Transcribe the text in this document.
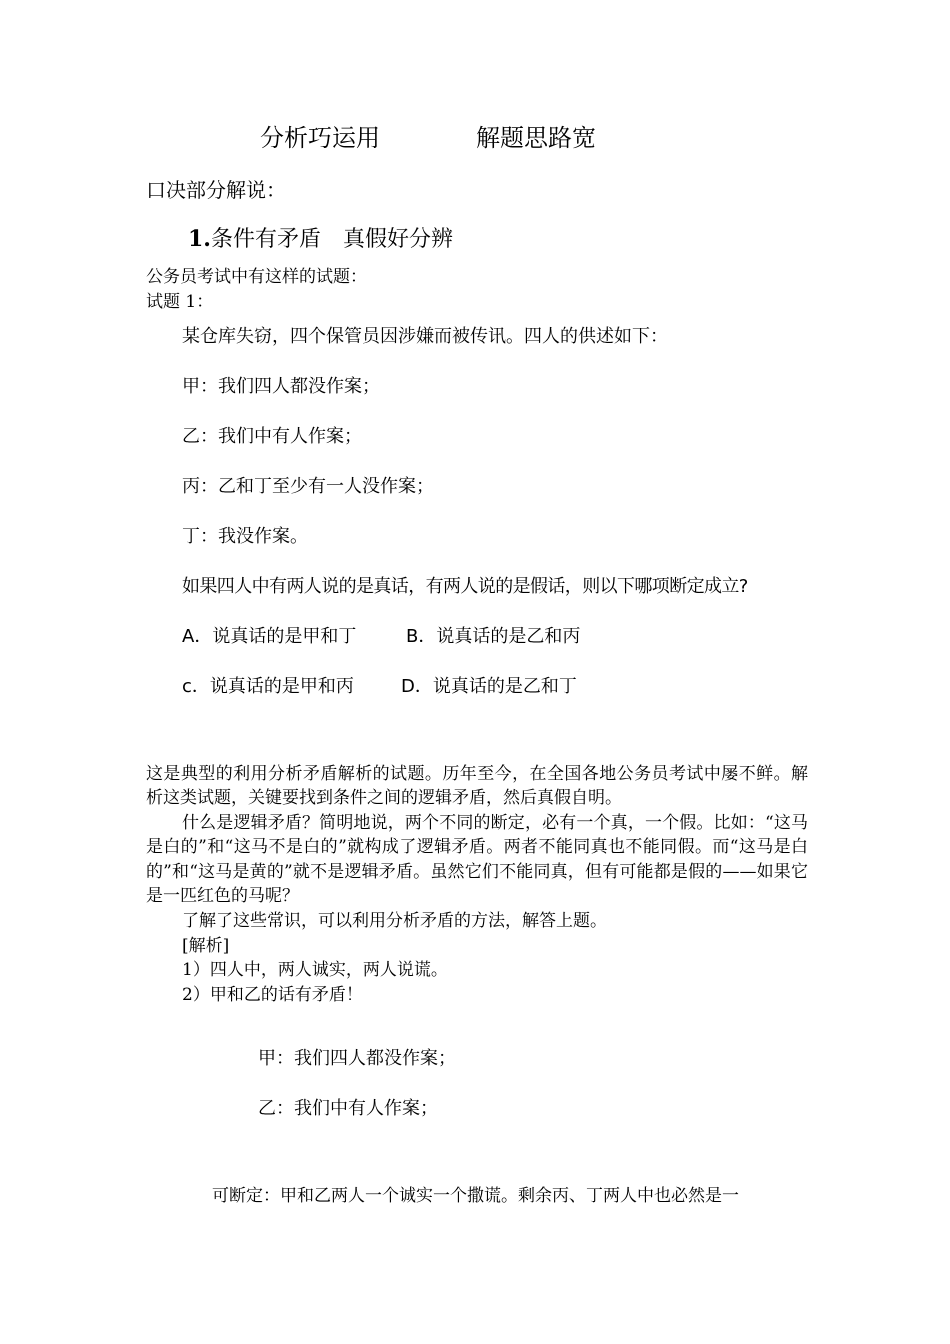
分析巧运用	解题思路宽
口决部分解说：
1.条件有矛盾　真假好分辨
公务员考试中有这样的试题：
试题 1：
某仓库失窃，四个保管员因涉嫌而被传讯。四人的供述如下：
甲：我们四人都没作案；
乙：我们中有人作案；
丙：乙和丁至少有一人没作案；
丁：我没作案。
如果四人中有两人说的是真话，有两人说的是假话，则以下哪项断定成立?
A．说真话的是甲和丁	B．说真话的是乙和丙
c．说真话的是甲和丙	D．说真话的是乙和丁
这是典型的利用分析矛盾解析的试题。历年至今，在全国各地公务员考试中屡不鲜。解析这类试题，关键要找到条件之间的逻辑矛盾，然后真假自明。
什么是逻辑矛盾？简明地说，两个不同的断定，必有一个真，一个假。比如：“这马是白的”和“这马不是白的”就构成了逻辑矛盾。两者不能同真也不能同假。而“这马是白的”和“这马是黄的”就不是逻辑矛盾。虽然它们不能同真，但有可能都是假的——如果它是一匹红色的马呢？
了解了这些常识，可以利用分析矛盾的方法，解答上题。
[解析]
1）四人中，两人诚实，两人说谎。
2）甲和乙的话有矛盾！
甲：我们四人都没作案；
乙：我们中有人作案；
可断定：甲和乙两人一个诚实一个撒谎。剩余丙、丁两人中也必然是一
